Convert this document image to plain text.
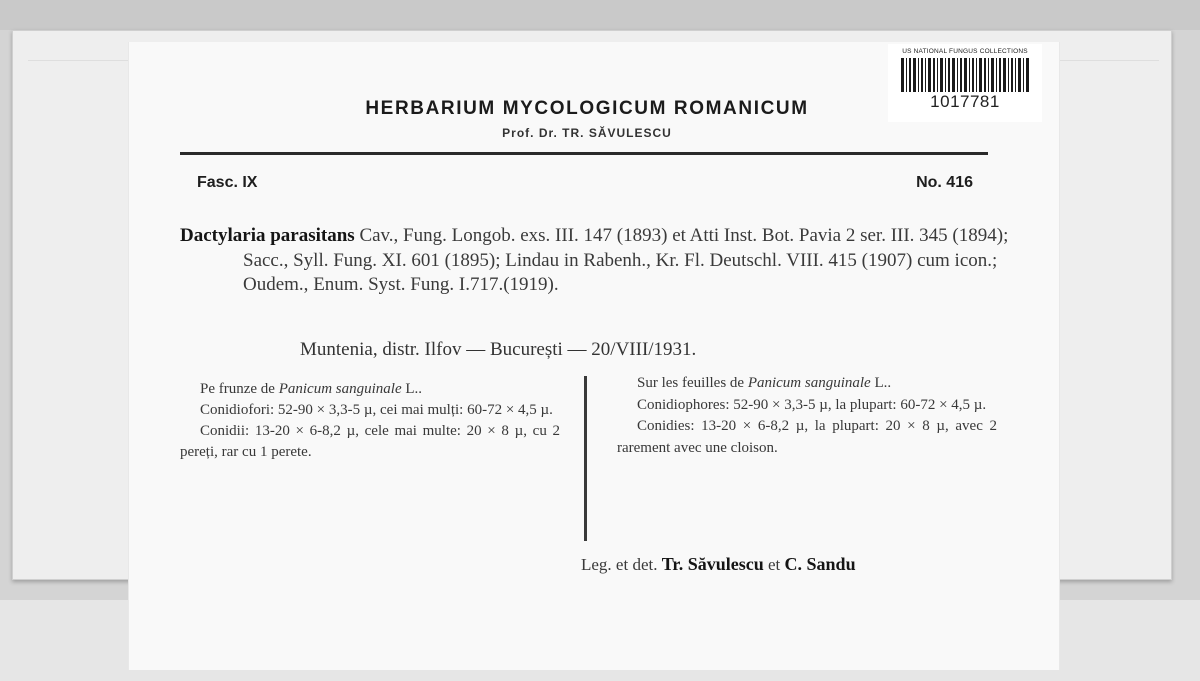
HERBARIUM MYCOLOGICUM ROMANICUM
Prof. Dr. TR. SĂVULESCU
Fasc. IX	No. 416
Dactylaria parasitans Cav., Fung. Longob. exs. III. 147 (1893) et Atti Inst. Bot. Pavia 2 ser. III. 345 (1894); Sacc., Syll. Fung. XI. 601 (1895); Lindau in Rabenh., Kr. Fl. Deutschl. VIII. 415 (1907) cum icon.; Oudem., Enum. Syst. Fung. I.717.(1919).
Muntenia, distr. Ilfov — București — 20/VIII/1931.

Pe frunze de Panicum sanguinale L..

Conidiofori: 52-90 × 3,3-5 µ, cei mai mulți: 60-72 × 4,5 µ.

Conidii: 13-20 × 6-8,2 µ, cele mai multe: 20 × 8 µ, cu 2 pereți, rar cu 1 perete.

Sur les feuilles de Panicum sanguinale L..

Conidiophores: 52-90 × 3,3-5 µ, la plupart: 60-72 × 4,5 µ.

Conidies: 13-20 × 6-8,2 µ, la plupart: 20 × 8 µ, avec 2 rarement avec une cloison.

Leg. et det. Tr. Săvulescu et C. Sandu
US NATIONAL FUNGUS COLLECTIONS
1017781
